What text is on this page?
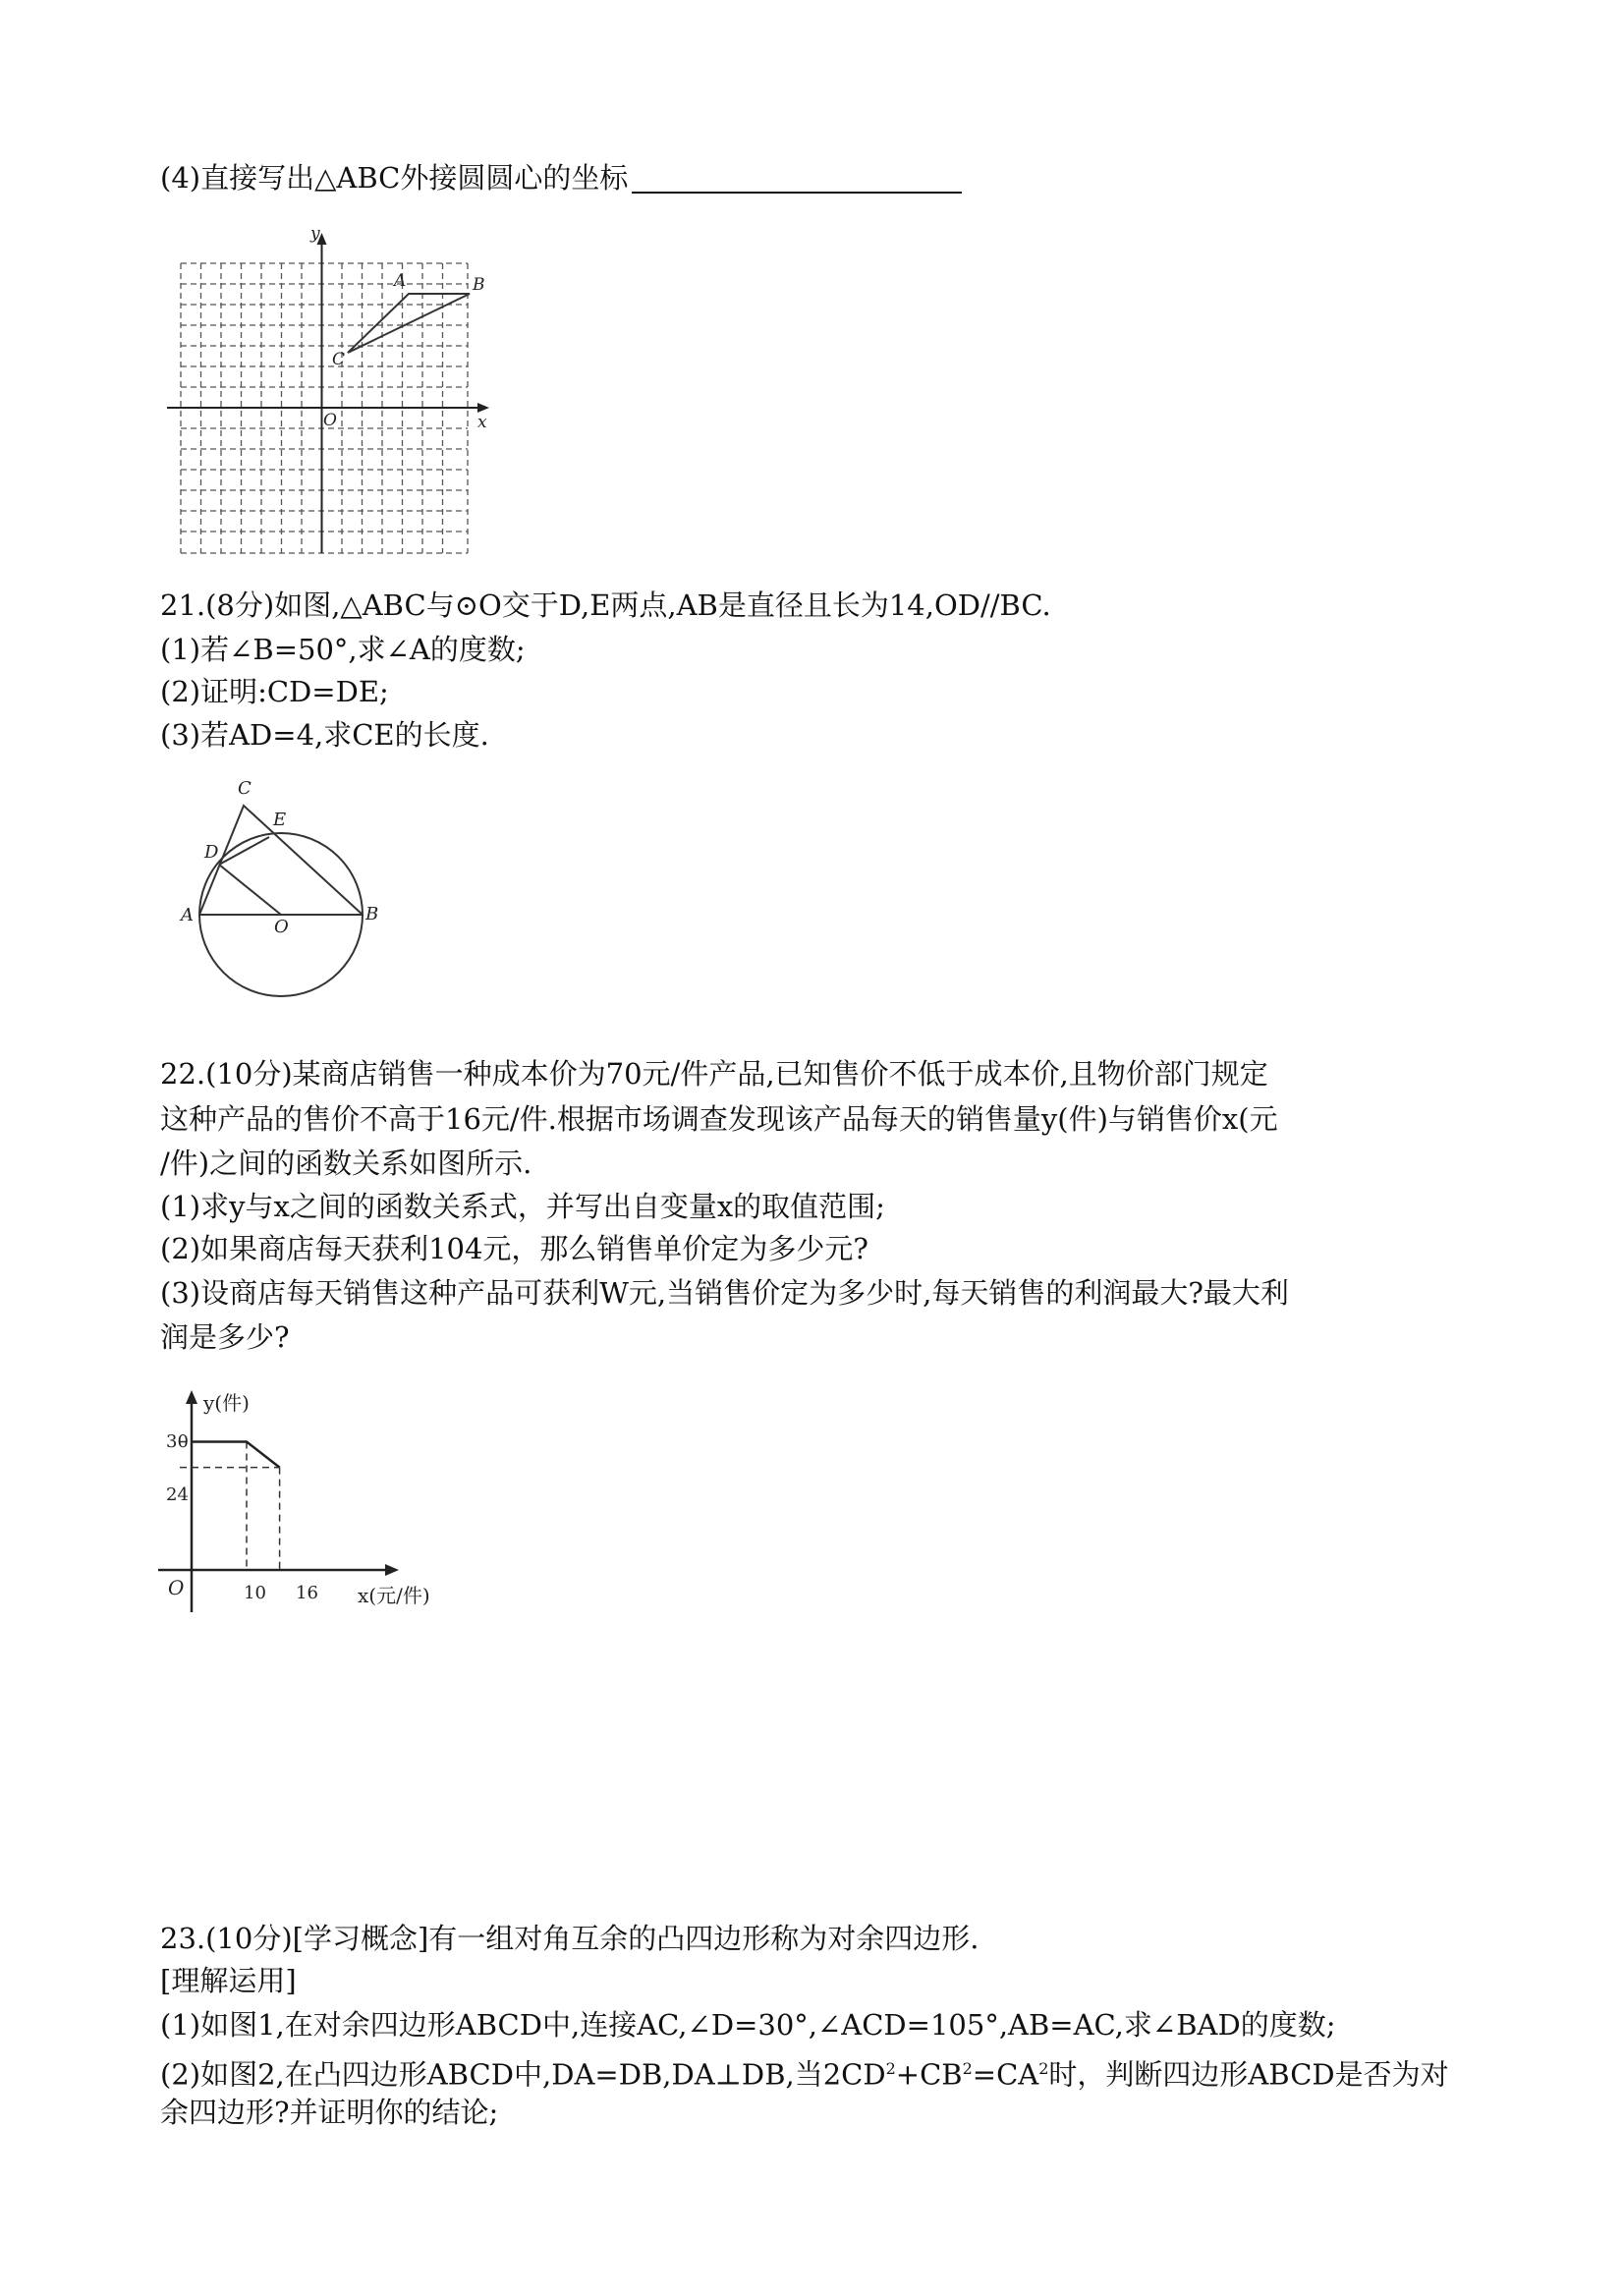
(4)直接写出△ABC外接圆圆心的坐标

y
x
O
A	B
C

21.(8分)如图,△ABC与⊙O交于D,E两点,AB是直径且长为14,OD//BC.

(1)若∠B=50°,求∠A的度数;

(2)证明:CD=DE;

(3)若AD=4,求CE的长度.

C
E
D
A	B
O

22.(10分)某商店销售一种成本价为70元/件产品,已知售价不低于成本价,且物价部门规定

这种产品的售价不高于16元/件.根据市场调查发现该产品每天的销售量y(件)与销售价x(元

/件)之间的函数关系如图所示.

(1)求y与x之间的函数关系式，并写出自变量x的取值范围;

(2)如果商店每天获利104元，那么销售单价定为多少元?

(3)设商店每天销售这种产品可获利W元,当销售价定为多少时,每天销售的利润最大?最大利

润是多少?

y(件)
x(元/件)
O
30
24
10 16

23.(10分)[学习概念]有一组对角互余的凸四边形称为对余四边形.

[理解运用]

(1)如图1,在对余四边形ABCD中,连接AC,∠D=30°,∠ACD=105°,AB=AC,求∠BAD的度数;

(2)如图2,在凸四边形ABCD中,DA=DB,DA⊥DB,当$2CD^2+CB^2=CA^2$时，判断四边形ABCD是否为对

余四边形?并证明你的结论;
